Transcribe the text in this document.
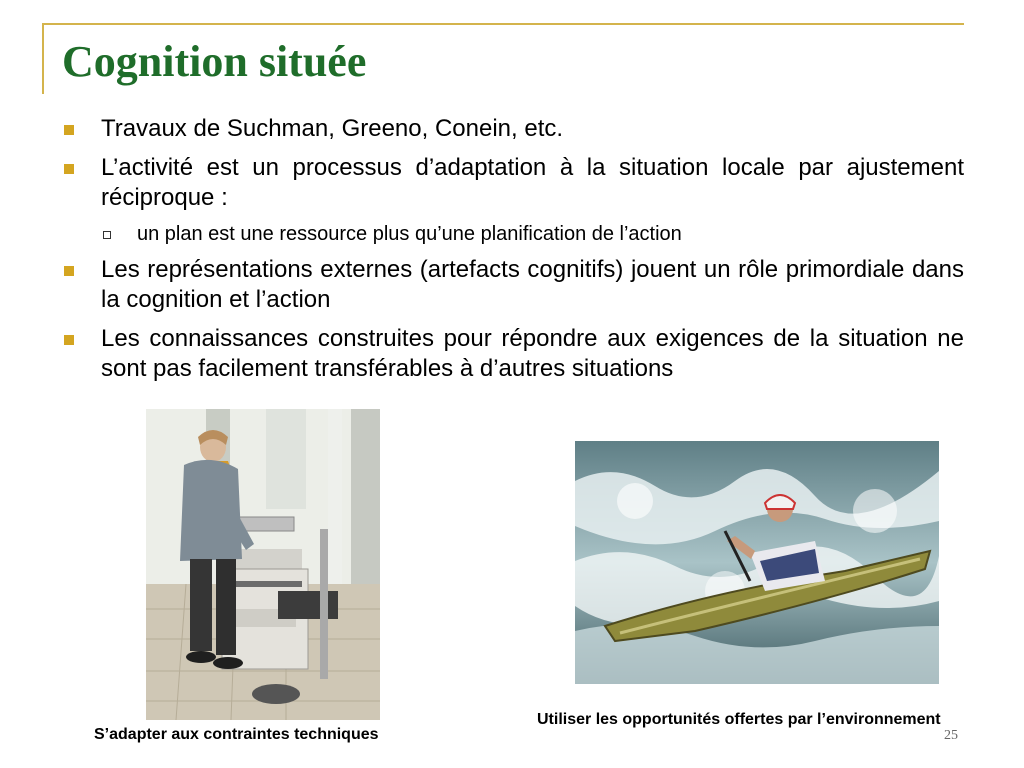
Cognition située
Travaux de Suchman, Greeno, Conein, etc.
L’activité est un processus d’adaptation à la situation locale par ajustement réciproque :
un plan est une ressource plus qu’une planification de l’action
Les représentations externes (artefacts cognitifs) jouent un rôle primordiale dans la cognition et l’action
Les connaissances construites pour répondre aux exigences de la situation ne sont pas facilement transférables à d’autres situations
S’adapter aux contraintes techniques
Utiliser les opportunités offertes par l’environnement
25
